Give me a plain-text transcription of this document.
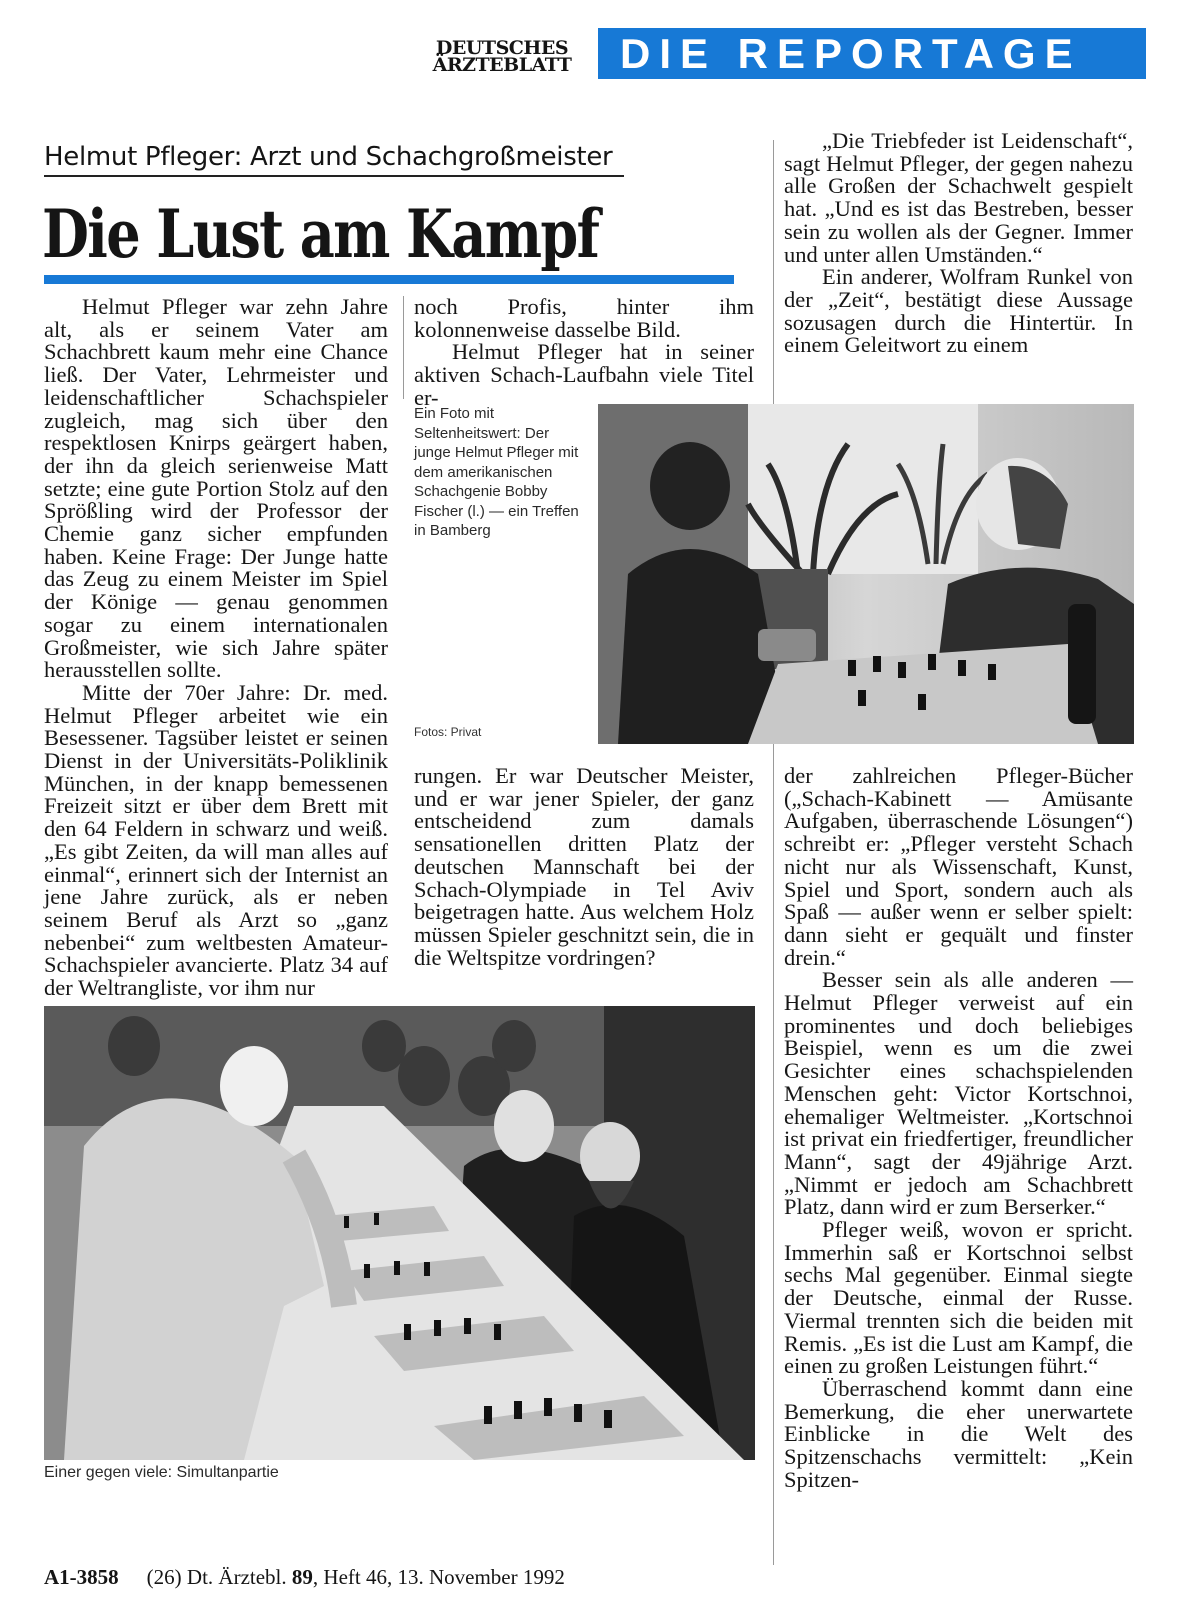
DEUTSCHES
ÄRZTEBLATT	DIE REPORTAGE
Helmut Pfleger: Arzt und Schachgroßmeister
Die Lust am Kampf

Helmut Pfleger war zehn Jahre alt, als er seinem Vater am Schachbrett kaum mehr eine Chance ließ. Der Vater, Lehrmeister und leidenschaftlicher Schachspieler zugleich, mag sich über den respektlosen Knirps geärgert haben, der ihn da gleich serienweise Matt setzte; eine gute Portion Stolz auf den Sprößling wird der Professor der Chemie ganz sicher empfunden haben. Keine Frage: Der Junge hatte das Zeug zu einem Meister im Spiel der Könige — genau genommen sogar zu einem internationalen Großmeister, wie sich Jahre später herausstellen sollte.

Mitte der 70er Jahre: Dr. med. Helmut Pfleger arbeitet wie ein Besessener. Tagsüber leistet er seinen Dienst in der Universitäts-Poliklinik München, in der knapp bemessenen Freizeit sitzt er über dem Brett mit den 64 Feldern in schwarz und weiß. „Es gibt Zeiten, da will man alles auf einmal“, erinnert sich der Internist an jene Jahre zurück, als er neben seinem Beruf als Arzt so „ganz nebenbei“ zum weltbesten Amateur-Schachspieler avancierte. Platz 34 auf der Weltrangliste, vor ihm nur

noch Profis, hinter ihm kolonnenweise dasselbe Bild.

Helmut Pfleger hat in seiner aktiven Schach-Laufbahn viele Titel er-

„Die Triebfeder ist Leidenschaft“, sagt Helmut Pfleger, der gegen nahezu alle Großen der Schachwelt gespielt hat. „Und es ist das Bestreben, besser sein zu wollen als der Gegner. Immer und unter allen Umständen.“

Ein anderer, Wolfram Runkel von der „Zeit“, bestätigt diese Aussage sozusagen durch die Hintertür. In einem Geleitwort zu einem

Ein Foto mit Seltenheitswert: Der junge Helmut Pfleger mit dem amerikanischen Schachgenie Bobby Fischer (l.) — ein Treffen in Bamberg
Fotos: Privat

rungen. Er war Deutscher Meister, und er war jener Spieler, der ganz entscheidend zum damals sensationellen dritten Platz der deutschen Mannschaft bei der Schach-Olympiade in Tel Aviv beigetragen hatte. Aus welchem Holz müssen Spieler geschnitzt sein, die in die Weltspitze vordringen?

der zahlreichen Pfleger-Bücher („Schach-Kabinett — Amüsante Aufgaben, überraschende Lösungen“) schreibt er: „Pfleger versteht Schach nicht nur als Wissenschaft, Kunst, Spiel und Sport, sondern auch als Spaß — außer wenn er selber spielt: dann sieht er gequält und finster drein.“

Besser sein als alle anderen — Helmut Pfleger verweist auf ein prominentes und doch beliebiges Beispiel, wenn es um die zwei Gesichter eines schachspielenden Menschen geht: Victor Kortschnoi, ehemaliger Weltmeister. „Kortschnoi ist privat ein friedfertiger, freundlicher Mann“, sagt der 49jährige Arzt. „Nimmt er jedoch am Schachbrett Platz, dann wird er zum Berserker.“

Pfleger weiß, wovon er spricht. Immerhin saß er Kortschnoi selbst sechs Mal gegenüber. Einmal siegte der Deutsche, einmal der Russe. Viermal trennten sich die beiden mit Remis. „Es ist die Lust am Kampf, die einen zu großen Leistungen führt.“

Überraschend kommt dann eine Bemerkung, die eher unerwartete Einblicke in die Welt des Spitzenschachs vermittelt: „Kein Spitzen-

Einer gegen viele: Simultanpartie
A1-3858 (26) Dt. Ärztebl. 89, Heft 46, 13. November 1992
